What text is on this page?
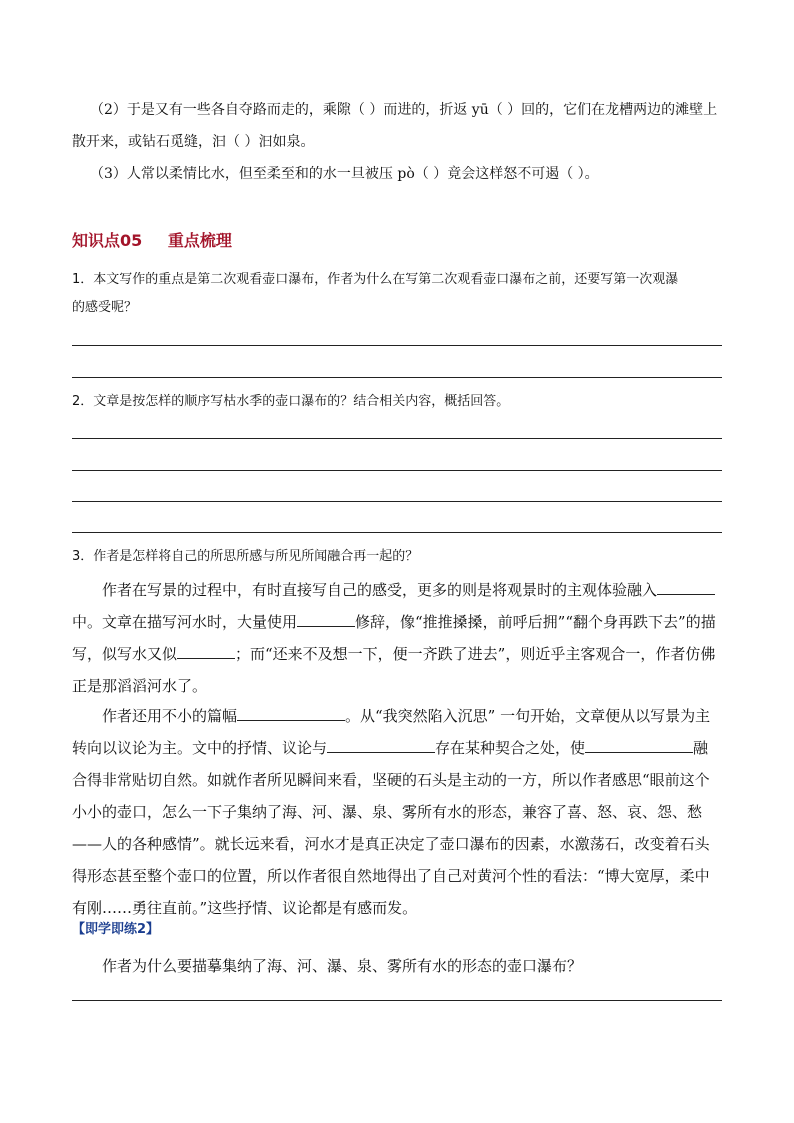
（2）于是又有一些各自夺路而走的，乘隙（ ）而进的，折返 yū（ ）回的，它们在龙槽两边的滩壁上

散开来，或钻石觅缝，汩（ ）汩如泉。

（3）人常以柔情比水，但至柔至和的水一旦被压 pò（ ）竟会这样怒不可遏（ ）。

知识点05 重点梳理

1．本文写作的重点是第二次观看壶口瀑布，作者为什么在写第二次观看壶口瀑布之前，还要写第一次观瀑

的感受呢？

2．文章是按怎样的顺序写枯水季的壶口瀑布的？结合相关内容，概括回答。

3．作者是怎样将自己的所思所感与所见所闻融合再一起的？

作者在写景的过程中，有时直接写自己的感受，更多的则是将观景时的主观体验融入中。文章在描写河水时，大量使用	修辞，像“推推搡搡，前呼后拥”“翻个身再跌下去”的描写，似写水又似	；而“还来不及想一下，便一齐跌了进去”，则近乎主客观合一，作者仿佛正是那滔滔河水了。

作者还用不小的篇幅	。从“我突然陷入沉思” 一句开始，文章便从以写景为主转向以议论为主。文中的抒情、议论与	存在某种契合之处，使	融合得非常贴切自然。如就作者所见瞬间来看，坚硬的石头是主动的一方，所以作者感思“眼前这个小小的壶口，怎么一下子集纳了海、河、瀑、泉、雾所有水的形态，兼容了喜、怒、哀、怨、愁——人的各种感情”。就长远来看，河水才是真正决定了壶口瀑布的因素，水激荡石，改变着石头得形态甚至整个壶口的位置，所以作者很自然地得出了自己对黄河个性的看法：“博大宽厚，柔中有刚……勇往直前。”这些抒情、议论都是有感而发。

【即学即练2】

作者为什么要描摹集纳了海、河、瀑、泉、雾所有水的形态的壶口瀑布？
